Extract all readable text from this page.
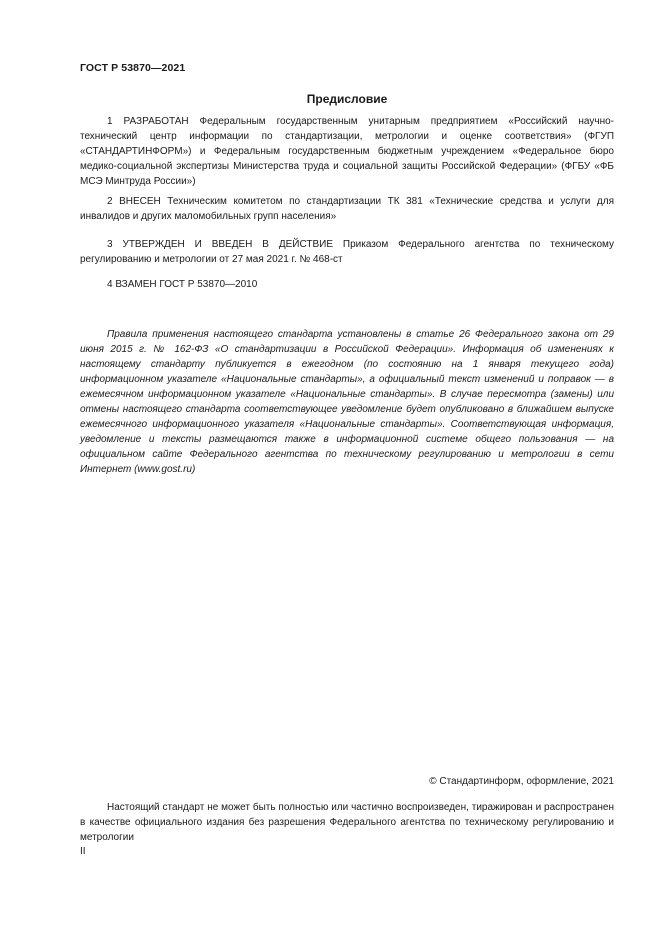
ГОСТ Р 53870—2021
Предисловие

1 РАЗРАБОТАН Федеральным государственным унитарным предприятием «Российский научно-технический центр информации по стандартизации, метрологии и оценке соответствия» (ФГУП «СТАНДАРТИНФОРМ») и Федеральным государственным бюджетным учреждением «Федеральное бюро медико-социальной экспертизы Министерства труда и социальной защиты Российской Федерации» (ФГБУ «ФБ МСЭ Минтруда России»)

2 ВНЕСЕН Техническим комитетом по стандартизации ТК 381 «Технические средства и услуги для инвалидов и других маломобильных групп населения»

3 УТВЕРЖДЕН И ВВЕДЕН В ДЕЙСТВИЕ Приказом Федерального агентства по техническому регулированию и метрологии от 27 мая 2021 г. № 468-ст

4 ВЗАМЕН ГОСТ Р 53870—2010

Правила применения настоящего стандарта установлены в статье 26 Федерального закона от 29 июня 2015 г. № 162-ФЗ «О стандартизации в Российской Федерации». Информация об изменениях к настоящему стандарту публикуется в ежегодном (по состоянию на 1 января текущего года) информационном указателе «Национальные стандарты», а официальный текст изменений и поправок — в ежемесячном информационном указателе «Национальные стандарты». В случае пересмотра (замены) или отмены настоящего стандарта соответствующее уведомление будет опубликовано в ближайшем выпуске ежемесячного информационного указателя «Национальные стандарты». Соответствующая информация, уведомление и тексты размещаются также в информационной системе общего пользования — на официальном сайте Федерального агентства по техническому регулированию и метрологии в сети Интернет (www.gost.ru)

© Стандартинформ, оформление, 2021

Настоящий стандарт не может быть полностью или частично воспроизведен, тиражирован и распространен в качестве официального издания без разрешения Федерального агентства по техническому регулированию и метрологии

II
